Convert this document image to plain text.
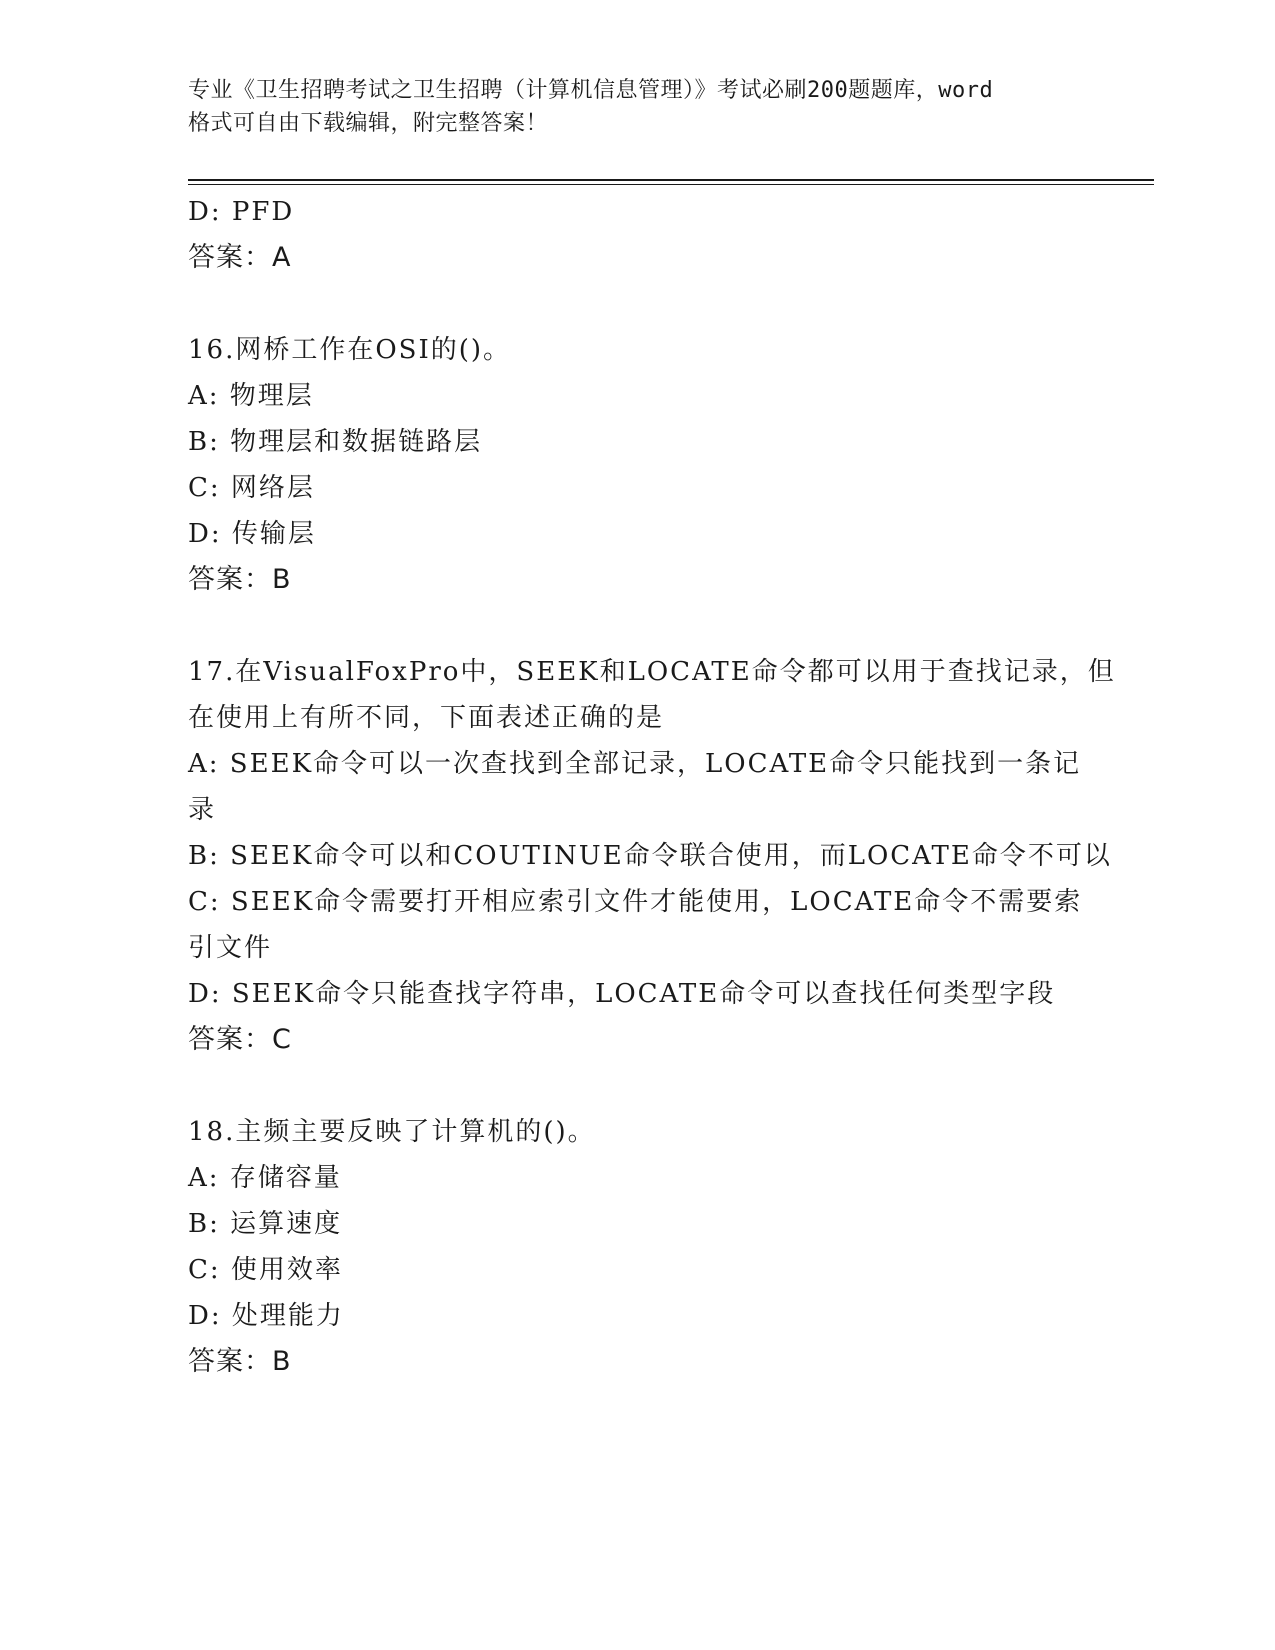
专业《卫生招聘考试之卫生招聘（计算机信息管理）》考试必刷200题题库，word
格式可自由下载编辑，附完整答案！

D: PFD

答案：A

16.网桥工作在OSI的()。

A: 物理层

B: 物理层和数据链路层

C: 网络层

D: 传输层

答案：B

17.在VisualFoxPro中，SEEK和LOCATE命令都可以用于查找记录，但

在使用上有所不同，下面表述正确的是

A: SEEK命令可以一次查找到全部记录，LOCATE命令只能找到一条记

录

B: SEEK命令可以和COUTINUE命令联合使用，而LOCATE命令不可以

C: SEEK命令需要打开相应索引文件才能使用，LOCATE命令不需要索

引文件

D: SEEK命令只能查找字符串，LOCATE命令可以查找任何类型字段

答案：C

18.主频主要反映了计算机的()。

A: 存储容量

B: 运算速度

C: 使用效率

D: 处理能力

答案：B
